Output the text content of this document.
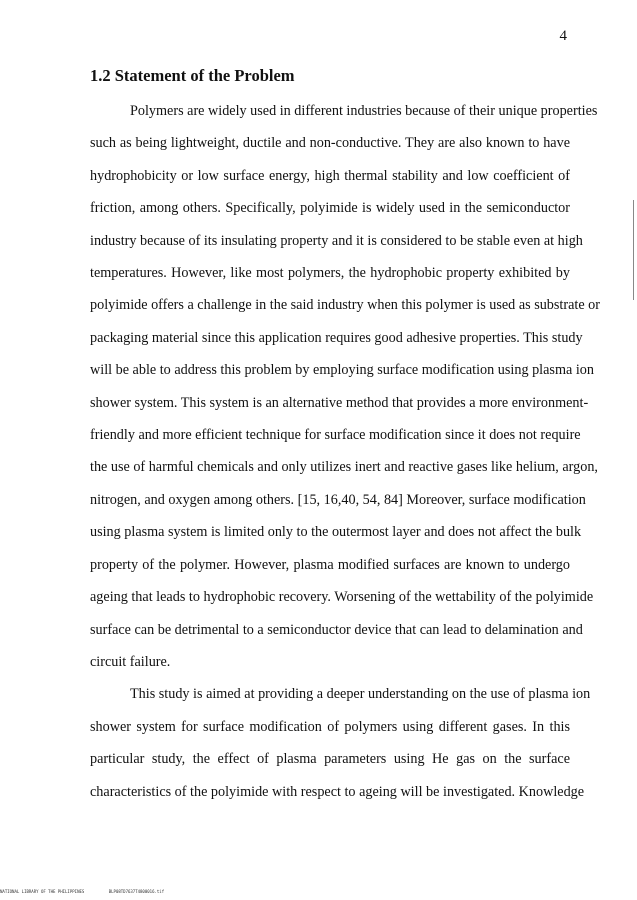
4
1.2 Statement of the Problem

Polymers are widely used in different industries because of their unique properties
such as being lightweight, ductile and non-conductive. They are also known to have
hydrophobicity or low surface energy, high thermal stability and low coefficient of
friction, among others. Specifically, polyimide is widely used in the semiconductor
industry because of its insulating property and it is considered to be stable even at high
temperatures. However, like most polymers, the hydrophobic property exhibited by
polyimide offers a challenge in the said industry when this polymer is used as substrate or
packaging material since this application requires good adhesive properties. This study
will be able to address this problem by employing surface modification using plasma ion
shower system. This system is an alternative method that provides a more environment-
friendly and more efficient technique for surface modification since it does not require
the use of harmful chemicals and only utilizes inert and reactive gases like helium, argon,
nitrogen, and oxygen among others. [15, 16,40, 54, 84] Moreover, surface modification
using plasma system is limited only to the outermost layer and does not affect the bulk
property of the polymer. However, plasma modified surfaces are known to undergo
ageing that leads to hydrophobic recovery. Worsening of the wettability of the polyimide
surface can be detrimental to a semiconductor device that can lead to delamination and
circuit failure.

This study is aimed at providing a deeper understanding on the use of plasma ion
shower system for surface modification of polymers using different gases. In this
particular study, the effect of plasma parameters using He gas on the surface
characteristics of the polyimide with respect to ageing will be investigated. Knowledge

NATIONAL LIBRARY OF THE PHILIPPINES	BLP08TD7637T4800016.tif
